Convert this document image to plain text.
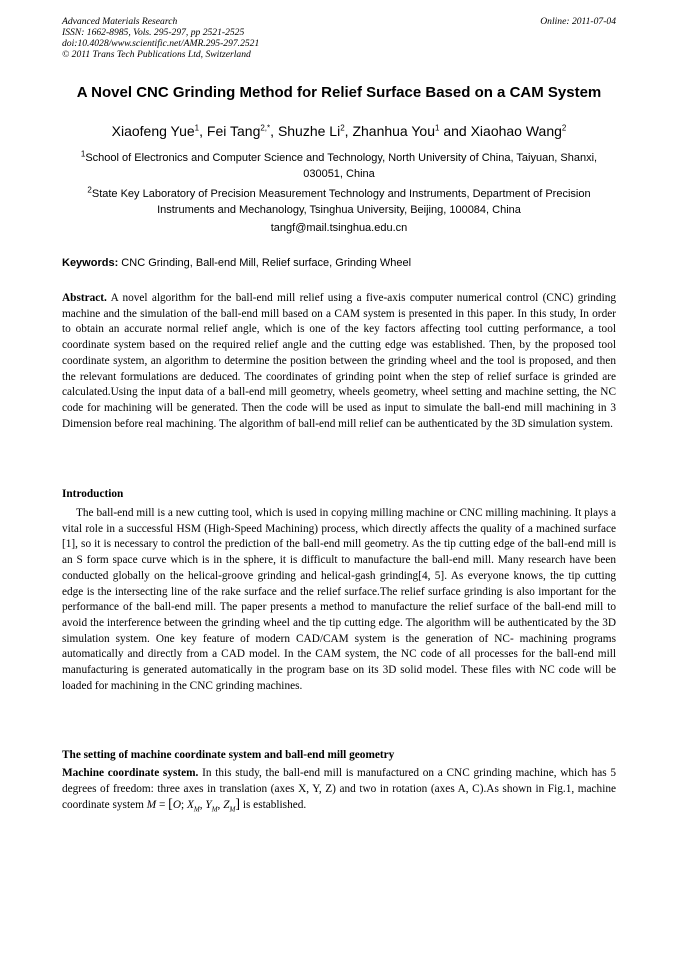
Advanced Materials Research
ISSN: 1662-8985, Vols. 295-297, pp 2521-2525
doi:10.4028/www.scientific.net/AMR.295-297.2521
© 2011 Trans Tech Publications Ltd, Switzerland
Online: 2011-07-04
A Novel CNC Grinding Method for Relief Surface Based on a CAM System
Xiaofeng Yue$^1$, Fei Tang$^{2,*}$, Shuzhe Li$^2$, Zhanhua You$^1$ and Xiaohao Wang$^2$
$^1$School of Electronics and Computer Science and Technology, North University of China, Taiyuan, Shanxi, 030051, China
$^2$State Key Laboratory of Precision Measurement Technology and Instruments, Department of Precision Instruments and Mechanology, Tsinghua University, Beijing, 100084, China
tangf@mail.tsinghua.edu.cn
Keywords: CNC Grinding, Ball-end Mill, Relief surface, Grinding Wheel

Abstract. A novel algorithm for the ball-end mill relief using a five-axis computer numerical control (CNC) grinding machine and the simulation of the ball-end mill based on a CAM system is presented in this paper. In this study, In order to obtain an accurate normal relief angle, which is one of the key factors affecting tool cutting performance, a tool coordinate system based on the required relief angle and the cutting edge was established. Then, by the proposed tool coordinate system, an algorithm to determine the position between the grinding wheel and the tool is proposed, and then the relevant formulations are deduced. The coordinates of grinding point when the step of relief surface is grinded are calculated.Using the input data of a ball-end mill geometry, wheels geometry, wheel setting and machine setting, the NC code for machining will be generated. Then the code will be used as input to simulate the ball-end mill machining in 3 Dimension before real machining. The algorithm of ball-end mill relief can be authenticated by the 3D simulation system.

Introduction

The ball-end mill is a new cutting tool, which is used in copying milling machine or CNC milling machining. It plays a vital role in a successful HSM (High-Speed Machining) process, which directly affects the quality of a machined surface [1], so it is necessary to control the prediction of the ball-end mill geometry. As the tip cutting edge of the ball-end mill is an S form space curve which is in the sphere, it is difficult to manufacture the ball-end mill. Many research have been conducted globally on the helical-groove grinding and helical-gash grinding[4, 5]. As everyone knows, the tip cutting edge is the intersecting line of the rake surface and the relief surface.The relief surface grinding is also important for the performance of the ball-end mill. The paper presents a method to manufacture the relief surface of the ball-end mill to avoid the interference between the grinding wheel and the tip cutting edge. The algorithm will be authenticated by the 3D simulation system. One key feature of modern CAD/CAM system is the generation of NC- machining programs automatically and directly from a CAD model. In the CAM system, the NC code of all processes for the ball-end mill manufacturing is generated automatically in the program base on its 3D solid model. These files with NC code will be loaded for machining in the CNC grinding machines.

The setting of machine coordinate system and ball-end mill geometry

Machine coordinate system. In this study, the ball-end mill is manufactured on a CNC grinding machine, which has 5 degrees of freedom: three axes in translation (axes X, Y, Z) and two in rotation (axes A, C).As shown in Fig.1, machine coordinate system M = [O; $X_M$, $Y_M$, $Z_M$] is established.
